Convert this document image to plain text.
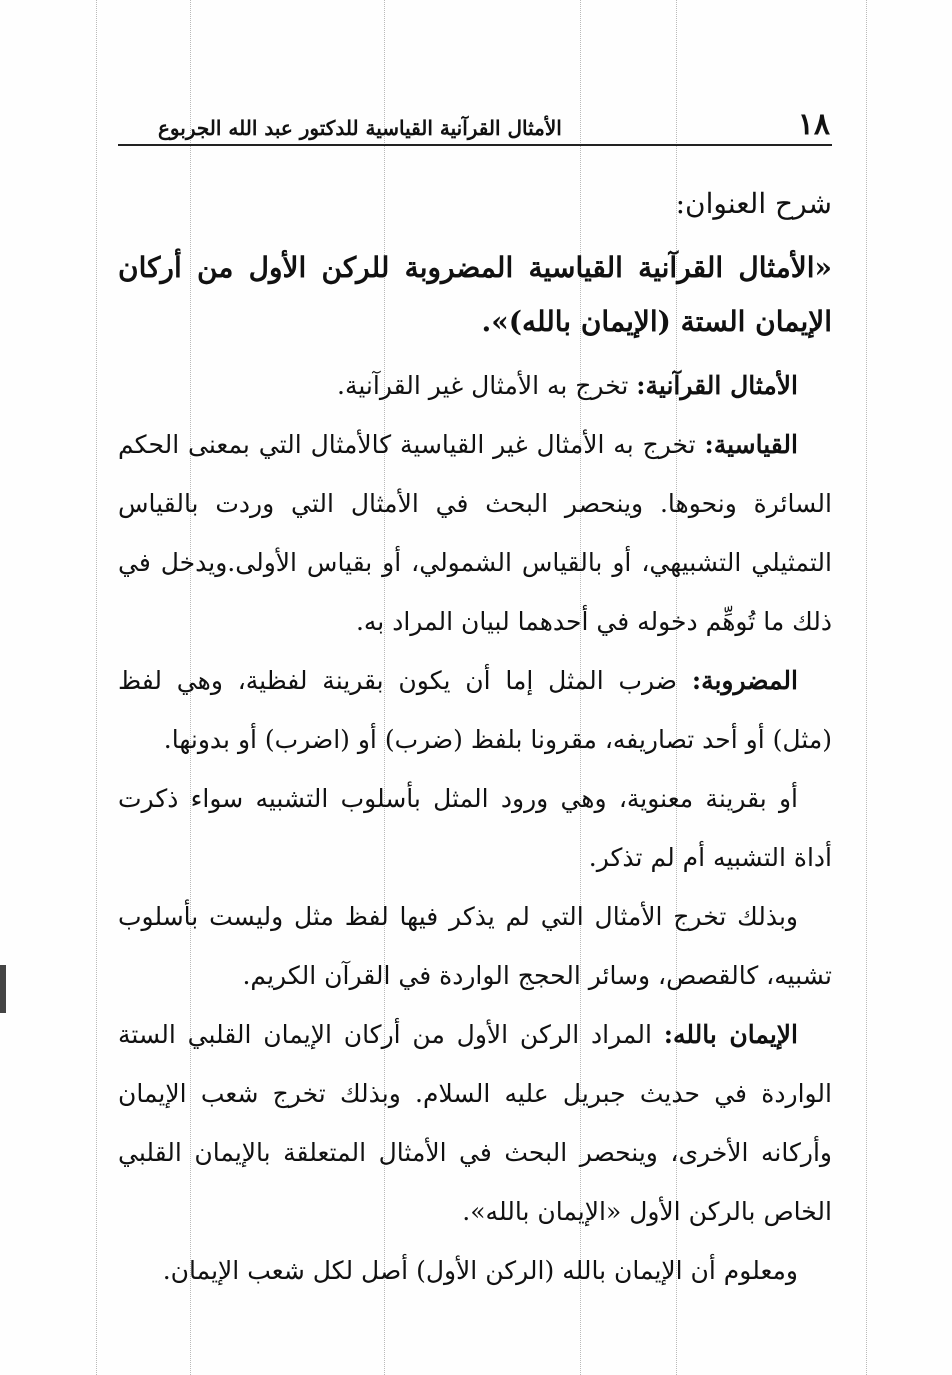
١٨
الأمثال القرآنية القياسية للدكتور عبد الله الجربوع
شرح العنوان:

«الأمثال القرآنية القياسية المضروبة للركن الأول من أركان الإيمان الستة (الإيمان بالله)».

الأمثال القرآنية: تخرج به الأمثال غير القرآنية.

القياسية: تخرج به الأمثال غير القياسية كالأمثال التي بمعنى الحكم السائرة ونحوها. وينحصر البحث في الأمثال التي وردت بالقياس التمثيلي التشبيهي، أو بالقياس الشمولي، أو بقياس الأولى.ويدخل في ذلك ما تُوهِّم دخوله في أحدهما لبيان المراد به.

المضروبة: ضرب المثل إما أن يكون بقرينة لفظية، وهي لفظ (مثل) أو أحد تصاريفه، مقرونا بلفظ (ضرب) أو (اضرب) أو بدونها.

أو بقرينة معنوية، وهي ورود المثل بأسلوب التشبيه سواء ذكرت أداة التشبيه أم لم تذكر.

وبذلك تخرج الأمثال التي لم يذكر فيها لفظ مثل وليست بأسلوب تشبيه، كالقصص، وسائر الحجج الواردة في القرآن الكريم.

الإيمان بالله: المراد الركن الأول من أركان الإيمان القلبي الستة الواردة في حديث جبريل عليه السلام. وبذلك تخرج شعب الإيمان وأركانه الأخرى، وينحصر البحث في الأمثال المتعلقة بالإيمان القلبي الخاص بالركن الأول «الإيمان بالله».

ومعلوم أن الإيمان بالله (الركن الأول) أصل لكل شعب الإيمان.
